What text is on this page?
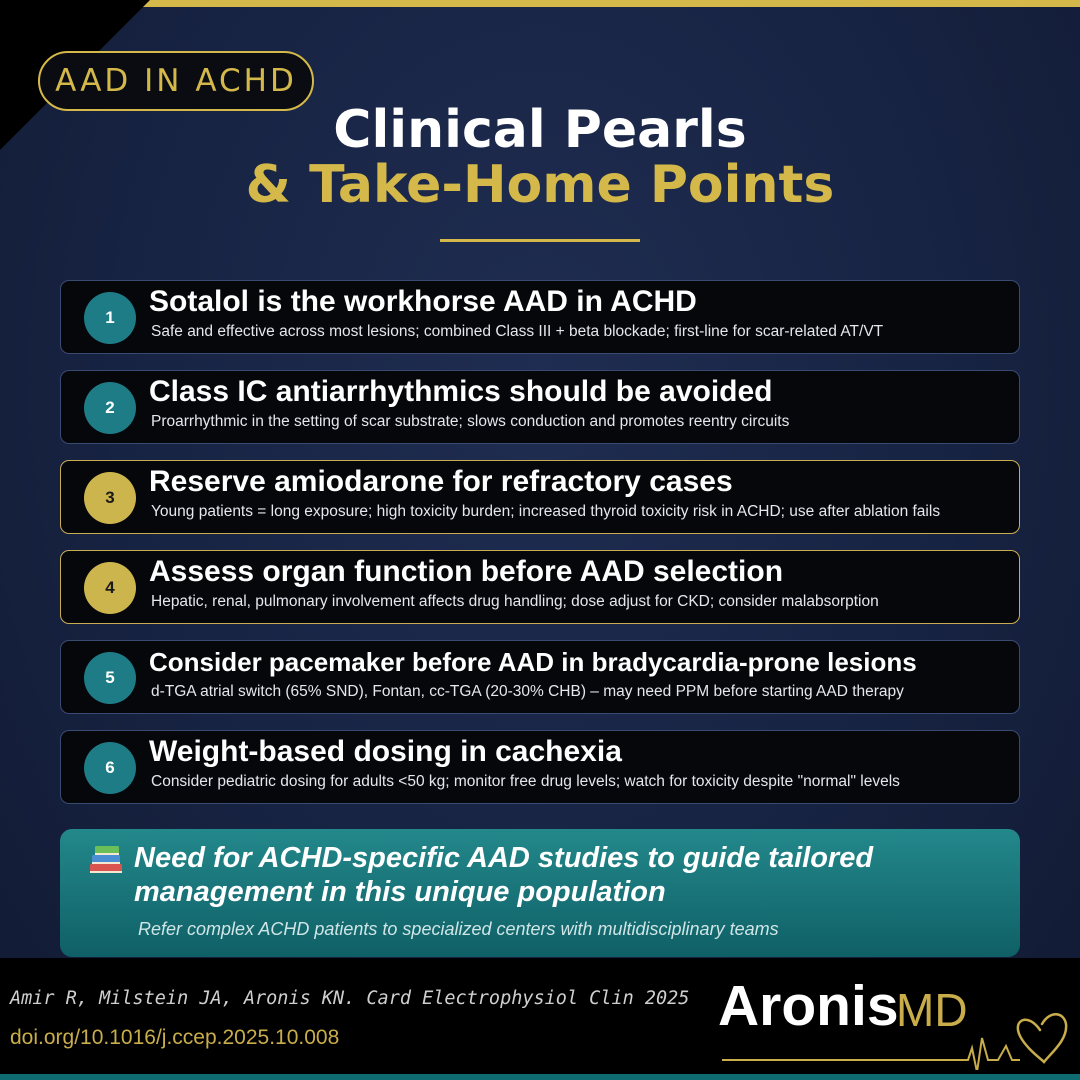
AAD IN ACHD
Clinical Pearls
& Take-Home Points
1	Sotalol is the workhorse AAD in ACHD
Safe and effective across most lesions; combined Class III + beta blockade; first-line for scar-related AT/VT
2	Class IC antiarrhythmics should be avoided
Proarrhythmic in the setting of scar substrate; slows conduction and promotes reentry circuits
3	Reserve amiodarone for refractory cases
Young patients = long exposure; high toxicity burden; increased thyroid toxicity risk in ACHD; use after ablation fails
4	Assess organ function before AAD selection
Hepatic, renal, pulmonary involvement affects drug handling; dose adjust for CKD; consider malabsorption
5
Consider pacemaker before AAD in bradycardia-prone lesions
d-TGA atrial switch (65% SND), Fontan, cc-TGA (20-30% CHB) – may need PPM before starting AAD therapy
6	Weight-based dosing in cachexia
Consider pediatric dosing for adults <50 kg; monitor free drug levels; watch for toxicity despite "normal" levels
Need for ACHD-specific AAD studies to guide tailored
management in this unique population
Refer complex ACHD patients to specialized centers with multidisciplinary teams
Amir R, Milstein JA, Aronis KN. Card Electrophysiol Clin 2025
doi.org/10.1016/j.ccep.2025.10.008	Aronis
MD
